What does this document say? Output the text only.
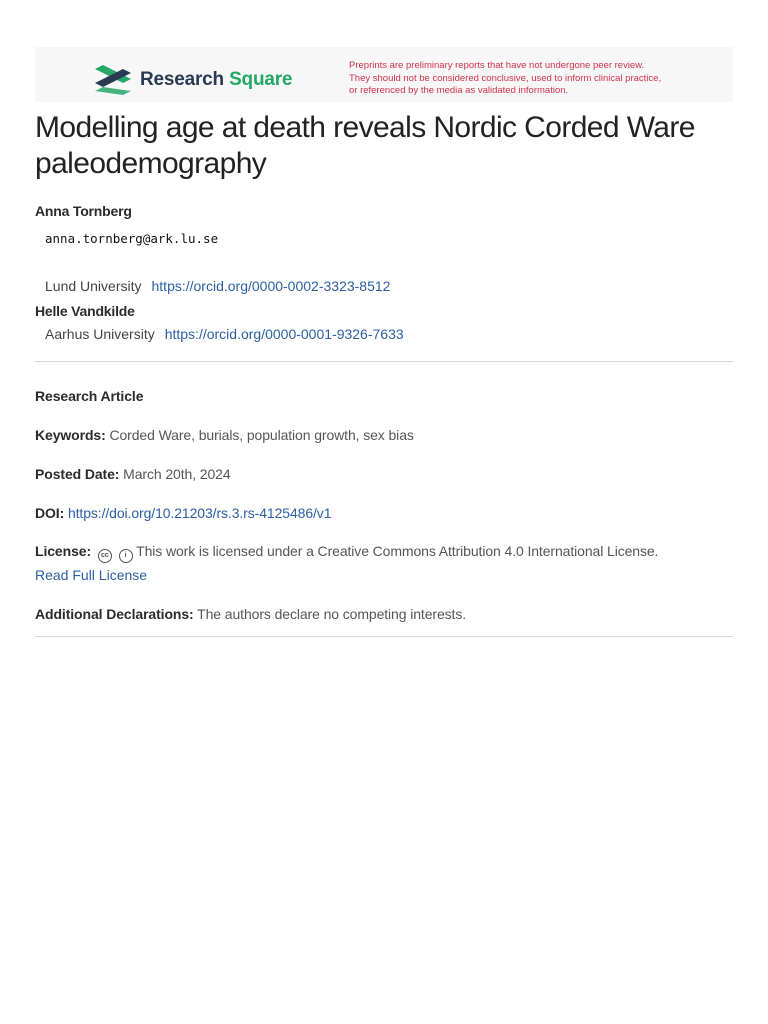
Research Square
Preprints are preliminary reports that have not undergone peer review.
They should not be considered conclusive, used to inform clinical practice,
or referenced by the media as validated information.
Modelling age at death reveals Nordic Corded Ware paleodemography
Anna Tornberg
anna.tornberg@ark.lu.se
Lund University https://orcid.org/0000-0002-3323-8512
Helle Vandkilde
Aarhus University https://orcid.org/0000-0001-9326-7633
Research Article
Keywords: Corded Ware, burials, population growth, sex bias
Posted Date: March 20th, 2024
DOI: https://doi.org/10.21203/rs.3.rs-4125486/v1
License: cc i This work is licensed under a Creative Commons Attribution 4.0 International License.
Read Full License
Additional Declarations: The authors declare no competing interests.
